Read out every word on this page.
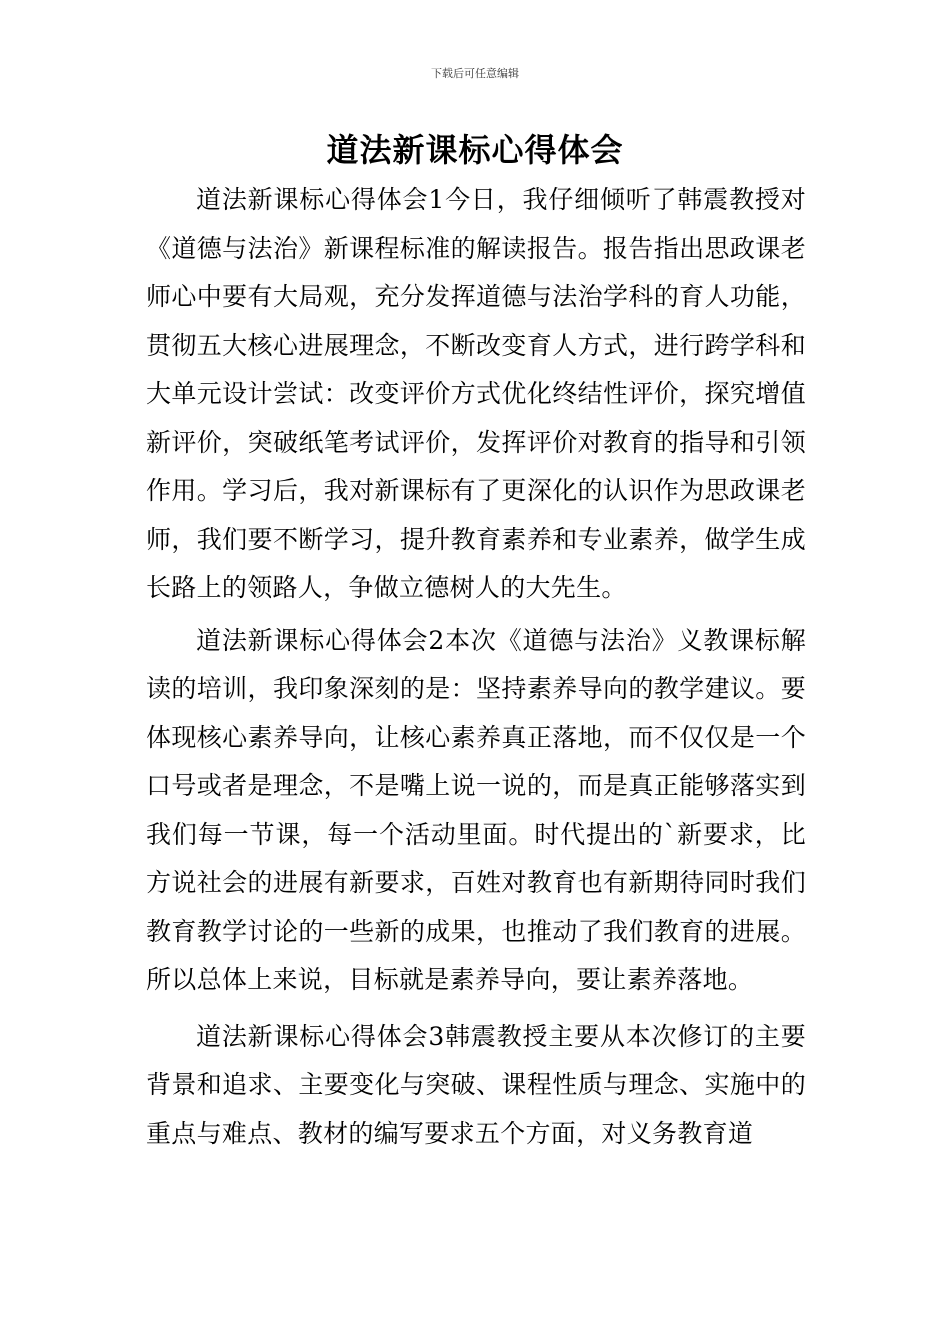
下载后可任意编辑
道法新课标心得体会

道法新课标心得体会1今日，我仔细倾听了韩震教授对《道德与法治》新课程标准的解读报告。报告指出思政课老师心中要有大局观，充分发挥道德与法治学科的育人功能，贯彻五大核心进展理念，不断改变育人方式，进行跨学科和大单元设计尝试：改变评价方式优化终结性评价，探究增值新评价，突破纸笔考试评价，发挥评价对教育的指导和引领作用。学习后，我对新课标有了更深化的认识作为思政课老师，我们要不断学习，提升教育素养和专业素养，做学生成长路上的领路人，争做立德树人的大先生。

道法新课标心得体会2本次《道德与法治》义教课标解读的培训，我印象深刻的是：坚持素养导向的教学建议。要体现核心素养导向，让核心素养真正落地，而不仅仅是一个口号或者是理念，不是嘴上说一说的，而是真正能够落实到我们每一节课，每一个活动里面。时代提出的`新要求，比方说社会的进展有新要求，百姓对教育也有新期待同时我们教育教学讨论的一些新的成果，也推动了我们教育的进展。所以总体上来说，目标就是素养导向，要让素养落地。

道法新课标心得体会3韩震教授主要从本次修订的主要背景和追求、主要变化与突破、课程性质与理念、实施中的重点与难点、教材的编写要求五个方面，对义务教育道
